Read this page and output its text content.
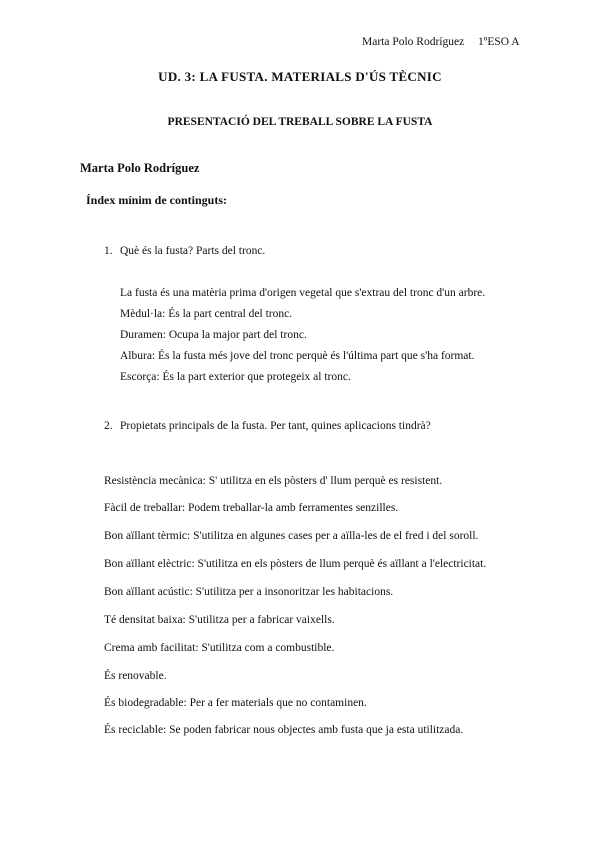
Marta Polo Rodríguez 1ºESO A
UD. 3: LA FUSTA. MATERIALS D'ÚS TÈCNIC
PRESENTACIÓ DEL TREBALL SOBRE LA FUSTA
Marta Polo Rodríguez
Índex mínim de continguts:
1. Què és la fusta? Parts del tronc.
La fusta és una matèria prima d'origen vegetal que s'extrau del tronc d'un arbre.
Mèdul·la: És la part central del tronc.
Duramen: Ocupa la major part del tronc.
Albura: És la fusta més jove del tronc perquè és l'última part que s'ha format.
Escorça: És la part exterior que protegeix al tronc.
2. Propietats principals de la fusta. Per tant, quines aplicacions tindrà?
Resistència mecànica: S' utilitza en els pòsters d' llum perquè es resistent.
Fàcil de treballar: Podem treballar-la amb ferramentes senzilles.
Bon aïllant tèrmic: S'utilitza en algunes cases per a aïlla-les de el fred i del soroll.
Bon aïllant elèctric: S'utilitza en els pòsters de llum perquè és aïllant a l'electricitat.
Bon aïllant acústic: S'utilitza per a insonoritzar les habitacions.
Té densitat baixa: S'utilitza per a fabricar vaixells.
Crema amb facilitat: S'utilitza com a combustible.
És renovable.
És biodegradable: Per a fer materials que no contaminen.
És reciclable: Se poden fabricar nous objectes amb fusta que ja esta utilitzada.
